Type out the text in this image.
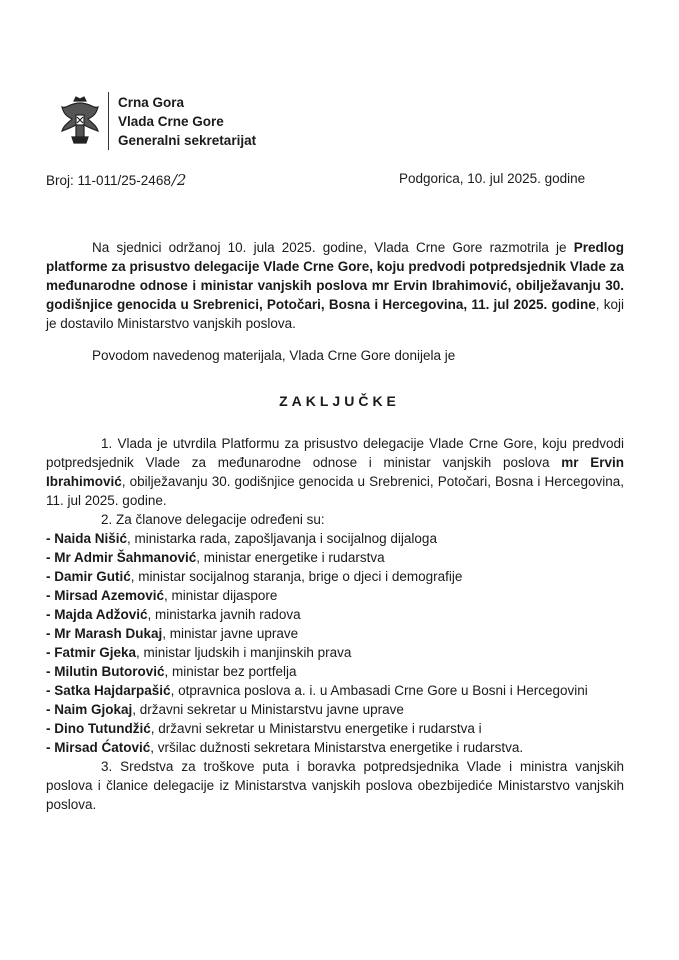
Crna Gora
Vlada Crne Gore
Generalni sekretarijat
Broj: 11-011/25-2468/2	Podgorica, 10. jul 2025. godine
Na sjednici održanoj 10. jula 2025. godine, Vlada Crne Gore razmotrila je Predlog platforme za prisustvo delegacije Vlade Crne Gore, koju predvodi potpredsjednik Vlade za međunarodne odnose i ministar vanjskih poslova mr Ervin Ibrahimović, obilježavanju 30. godišnjice genocida u Srebrenici, Potočari, Bosna i Hercegovina, 11. jul 2025. godine, koji je dostavilo Ministarstvo vanjskih poslova.
Povodom navedenog materijala, Vlada Crne Gore donijela je
ZAKLJUČKE

1. Vlada je utvrdila Platformu za prisustvo delegacije Vlade Crne Gore, koju predvodi potpredsjednik Vlade za međunarodne odnose i ministar vanjskih poslova mr Ervin Ibrahimović, obilježavanju 30. godišnjice genocida u Srebrenici, Potočari, Bosna i Hercegovina, 11. jul 2025. godine.

2. Za članove delegacije određeni su:

- Naida Nišić, ministarka rada, zapošljavanja i socijalnog dijaloga
- Mr Admir Šahmanović, ministar energetike i rudarstva
- Damir Gutić, ministar socijalnog staranja, brige o djeci i demografije
- Mirsad Azemović, ministar dijaspore
- Majda Adžović, ministarka javnih radova
- Mr Marash Dukaj, ministar javne uprave
- Fatmir Gjeka, ministar ljudskih i manjinskih prava
- Milutin Butorović, ministar bez portfelja
- Satka Hajdarpašić, otpravnica poslova a. i. u Ambasadi Crne Gore u Bosni i Hercegovini
- Naim Gjokaj, državni sekretar u Ministarstvu javne uprave
- Dino Tutundžić, državni sekretar u Ministarstvu energetike i rudarstva i
- Mirsad Ćatović, vršilac dužnosti sekretara Ministarstva energetike i rudarstva.

3. Sredstva za troškove puta i boravka potpredsjednika Vlade i ministra vanjskih poslova i članice delegacije iz Ministarstva vanjskih poslova obezbijediće Ministarstvo vanjskih poslova.
